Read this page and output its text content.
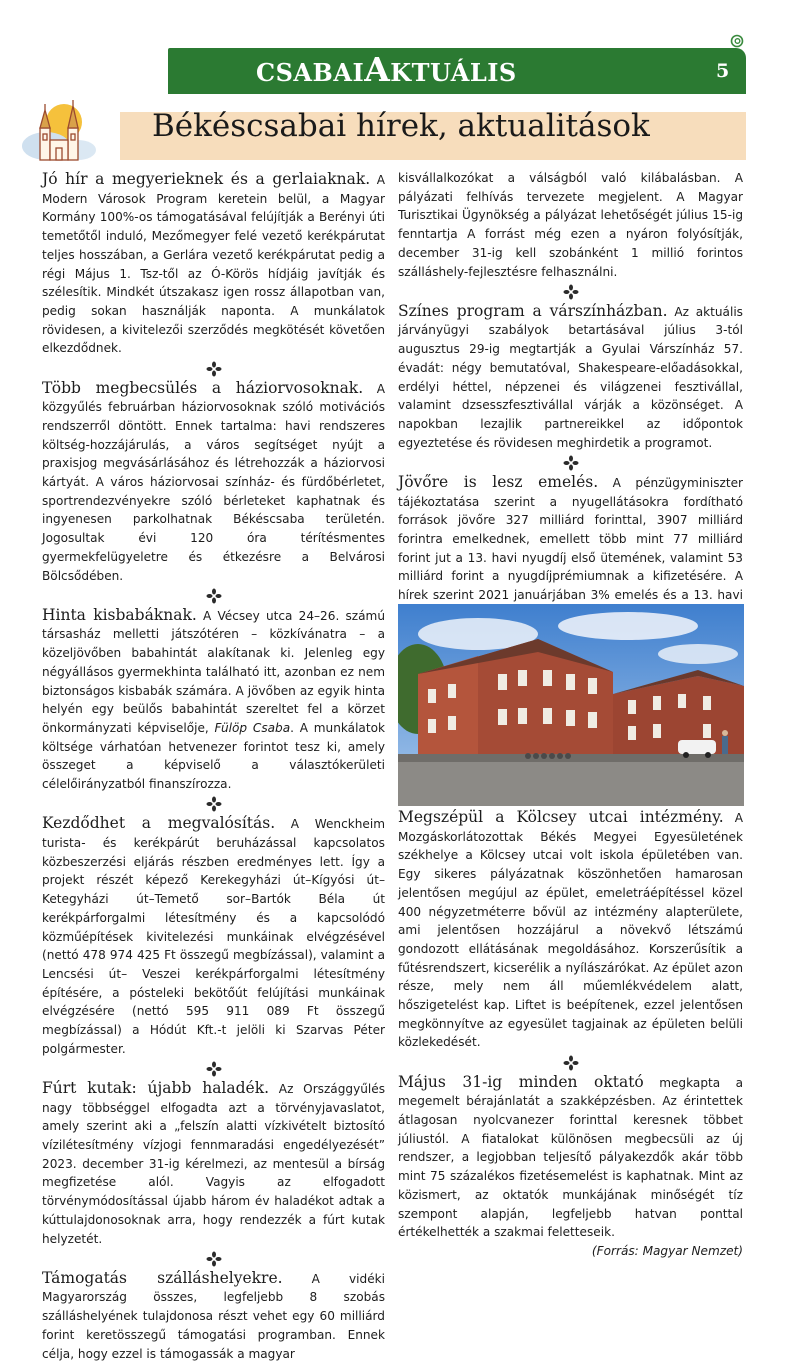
CSABAIAKTUÁLIS	5
Békéscsabai hírek, aktualitások

Jó hír a megyerieknek és a gerlaiaknak. A Modern Városok Program keretein belül, a Magyar Kormány 100%-os támogatásával felújítják a Berényi úti temetőtől induló, Mezőmegyer felé vezető kerékpárutat teljes hosszában, a Gerlára vezető kerékpárutat pedig a régi Május 1. Tsz-től az Ó-Körös hídjáig javítják és szélesítik. Mindkét útszakasz igen rossz állapotban van, pedig sokan használják naponta. A munkálatok rövidesen, a kivitelezői szerződés megkötését követően elkezdődnek.

Több megbecsülés a háziorvosoknak. A közgyűlés februárban háziorvosoknak szóló motivációs rendszerről döntött. Ennek tartalma: havi rendszeres költség-hozzájárulás, a város segítséget nyújt a praxisjog megvásárlásához és létrehozzák a háziorvosi kártyát. A város háziorvosai színház- és fürdőbérletet, sportrendezvényekre szóló bérleteket kaphatnak és ingyenesen parkolhatnak Békéscsaba területén. Jogosultak évi 120 óra térítésmentes gyermekfelügyeletre és étkezésre a Belvárosi Bölcsődében.

Hinta kisbabáknak. A Vécsey utca 24–26. számú társasház melletti játszótéren – közkívánatra – a közeljövőben babahintát alakítanak ki. Jelenleg egy négyállásos gyermekhinta található itt, azonban ez nem biztonságos kisbabák számára. A jövőben az egyik hinta helyén egy beülős babahintát szereltet fel a körzet önkormányzati képviselője, Fülöp Csaba. A munkálatok költsége várhatóan hetvenezer forintot tesz ki, amely összeget a képviselő a választókerületi célelőirányzatból finanszírozza.

Kezdődhet a megvalósítás. A Wenckheim turista- és kerékpárút beruházással kapcsolatos közbeszerzési eljárás részben eredményes lett. Így a projekt részét képező Kerekegyházi út–Kígyósi út–Ketegyházi út–Temető sor–Bartók Béla út kerékpárforgalmi létesítmény és a kapcsolódó közműépítések kivitelezési munkáinak elvégzésével (nettó 478 974 425 Ft összegű megbízással), valamint a Lencsési út– Veszei kerékpárforgalmi létesítmény építésére, a pósteleki bekötőút felújítási munkáinak elvégzésére (nettó 595 911 089 Ft összegű megbízással) a Hódút Kft.-t jelöli ki Szarvas Péter polgármester.

Fúrt kutak: újabb haladék. Az Országgyűlés nagy többséggel elfogadta azt a törvényjavaslatot, amely szerint aki a „felszín alatti vízkivételt biztosító vízilétesítmény vízjogi fennmaradási engedélyezését” 2023. december 31-ig kérelmezi, az mentesül a bírság megfizetése alól. Vagyis az elfogadott törvénymódosítással újabb három év haladékot adtak a kúttulajdonosoknak arra, hogy rendezzék a fúrt kutak helyzetét.

Támogatás szálláshelyekre. A vidéki Magyarország összes, legfeljebb 8 szobás szálláshelyének tulajdonosa részt vehet egy 60 milliárd forint keretösszegű támogatási programban. Ennek célja, hogy ezzel is támogassák a magyar

kisvállalkozókat a válságból való kilábalásban. A pályázati felhívás tervezete megjelent. A Magyar Turisztikai Ügynökség a pályázat lehetőségét július 15-ig fenntartja A forrást még ezen a nyáron folyósítják, december 31-ig kell szobánként 1 millió forintos szálláshely-fejlesztésre felhasználni.

Színes program a várszínházban. Az aktuális járványügyi szabályok betartásával július 3-tól augusztus 29-ig megtartják a Gyulai Várszínház 57. évadát: négy bemutatóval, Shakespeare-előadásokkal, erdélyi héttel, népzenei és világzenei fesztivállal, valamint dzsesszfesztivállal várják a közönséget. A napokban lezajlik partnereikkel az időpontok egyeztetése és rövidesen meghirdetik a programot.

Jövőre is lesz emelés. A pénzügyminiszter tájékoztatása szerint a nyugellátásokra fordítható források jövőre 327 milliárd forinttal, 3907 milliárd forintra emelkednek, emellett több mint 77 milliárd forint jut a 13. havi nyugdíj első ütemének, valamint 53 milliárd forint a nyugdíjprémiumnak a kifizetésére. A hírek szerint 2021 januárjában 3% emelés és a 13. havi

Megszépül a Kölcsey utcai intézmény. A Mozgáskorlátozottak Békés Megyei Egyesületének székhelye a Kölcsey utcai volt iskola épületében van. Egy sikeres pályázatnak köszönhetően hamarosan jelentősen megújul az épület, emeletráépítéssel közel 400 négyzetméterre bővül az intézmény alapterülete, ami jelentősen hozzájárul a növekvő létszámú gondozott ellátásának megoldásához. Korszerűsítik a fűtésrendszert, kicserélik a nyílászárókat. Az épület azon része, mely nem áll műemlékvédelem alatt, hőszigetelést kap. Liftet is beépítenek, ezzel jelentősen megkönnyítve az egyesület tagjainak az épületen belüli közlekedését.

Május 31-ig minden oktató megkapta a megemelt bérajánlatát a szakképzésben. Az érintettek átlagosan nyolcvanezer forinttal keresnek többet júliustól. A fiatalokat különösen megbecsüli az új rendszer, a legjobban teljesítő pályakezdők akár több mint 75 százalékos fizetésemelést is kaphatnak. Mint az közismert, az oktatók munkájának minőségét tíz szempont alapján, legfeljebb hatvan ponttal értékelhették a szakmai feletteseik.
(Forrás: Magyar Nemzet)
